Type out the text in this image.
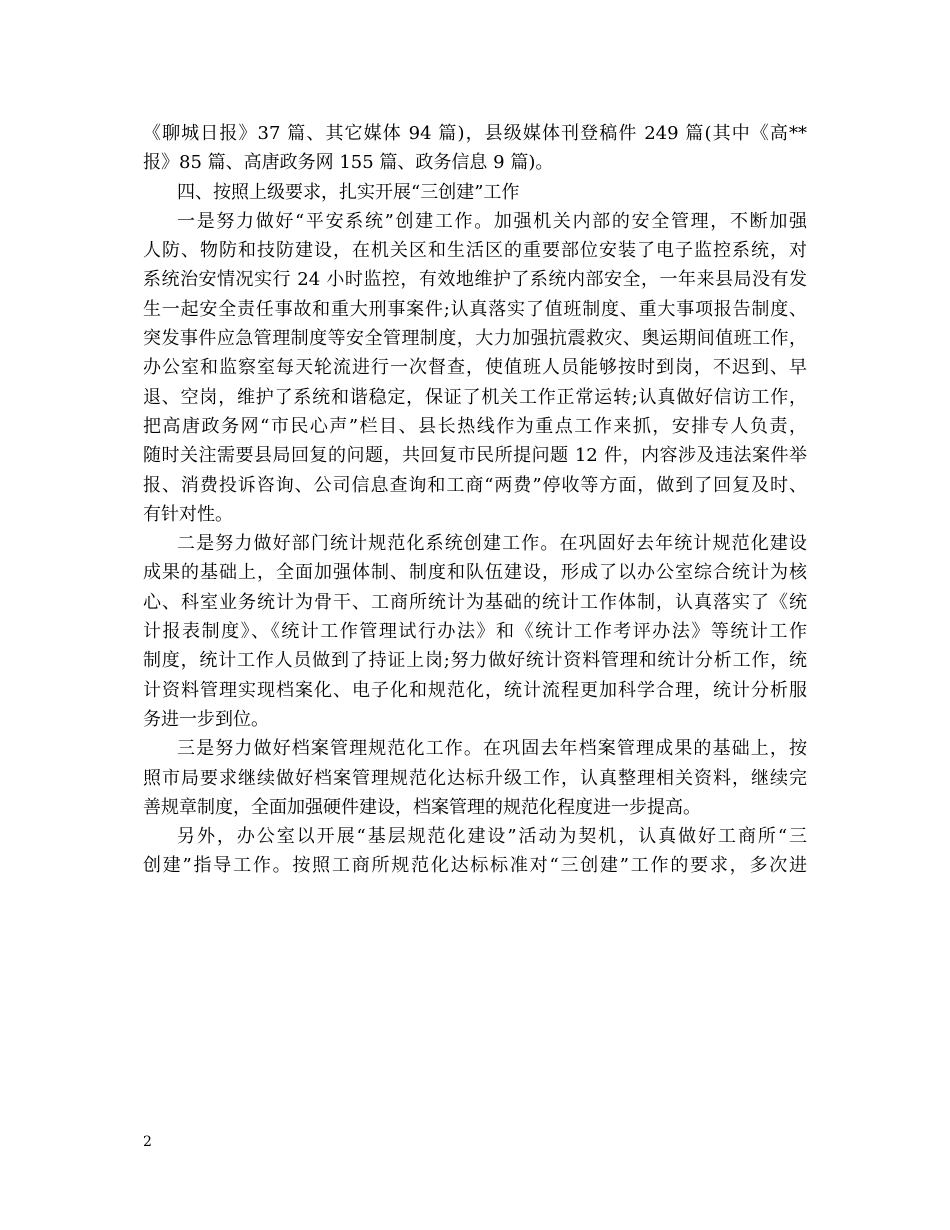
《聊城日报》37 篇、其它媒体 94 篇)，县级媒体刊登稿件 249 篇(其中《高**
报》85 篇、高唐政务网 155 篇、政务信息 9 篇)。
四、按照上级要求，扎实开展“三创建”工作
一是努力做好“平安系统”创建工作。加强机关内部的安全管理，不断加强
人防、物防和技防建设，在机关区和生活区的重要部位安装了电子监控系统，对
系统治安情况实行 24 小时监控，有效地维护了系统内部安全，一年来县局没有发
生一起安全责任事故和重大刑事案件;认真落实了值班制度、重大事项报告制度、
突发事件应急管理制度等安全管理制度，大力加强抗震救灾、奥运期间值班工作，
办公室和监察室每天轮流进行一次督查，使值班人员能够按时到岗，不迟到、早
退、空岗，维护了系统和谐稳定，保证了机关工作正常运转;认真做好信访工作，
把高唐政务网“市民心声”栏目、县长热线作为重点工作来抓，安排专人负责，
随时关注需要县局回复的问题，共回复市民所提问题 12 件，内容涉及违法案件举
报、消费投诉咨询、公司信息查询和工商“两费”停收等方面，做到了回复及时、
有针对性。
二是努力做好部门统计规范化系统创建工作。在巩固好去年统计规范化建设
成果的基础上，全面加强体制、制度和队伍建设，形成了以办公室综合统计为核
心、科室业务统计为骨干、工商所统计为基础的统计工作体制，认真落实了《统
计报表制度》、《统计工作管理试行办法》和《统计工作考评办法》等统计工作
制度，统计工作人员做到了持证上岗;努力做好统计资料管理和统计分析工作，统
计资料管理实现档案化、电子化和规范化，统计流程更加科学合理，统计分析服
务进一步到位。
三是努力做好档案管理规范化工作。在巩固去年档案管理成果的基础上，按
照市局要求继续做好档案管理规范化达标升级工作，认真整理相关资料，继续完
善规章制度，全面加强硬件建设，档案管理的规范化程度进一步提高。
另外，办公室以开展“基层规范化建设”活动为契机，认真做好工商所“三
创建”指导工作。按照工商所规范化达标标准对“三创建”工作的要求，多次进
2
